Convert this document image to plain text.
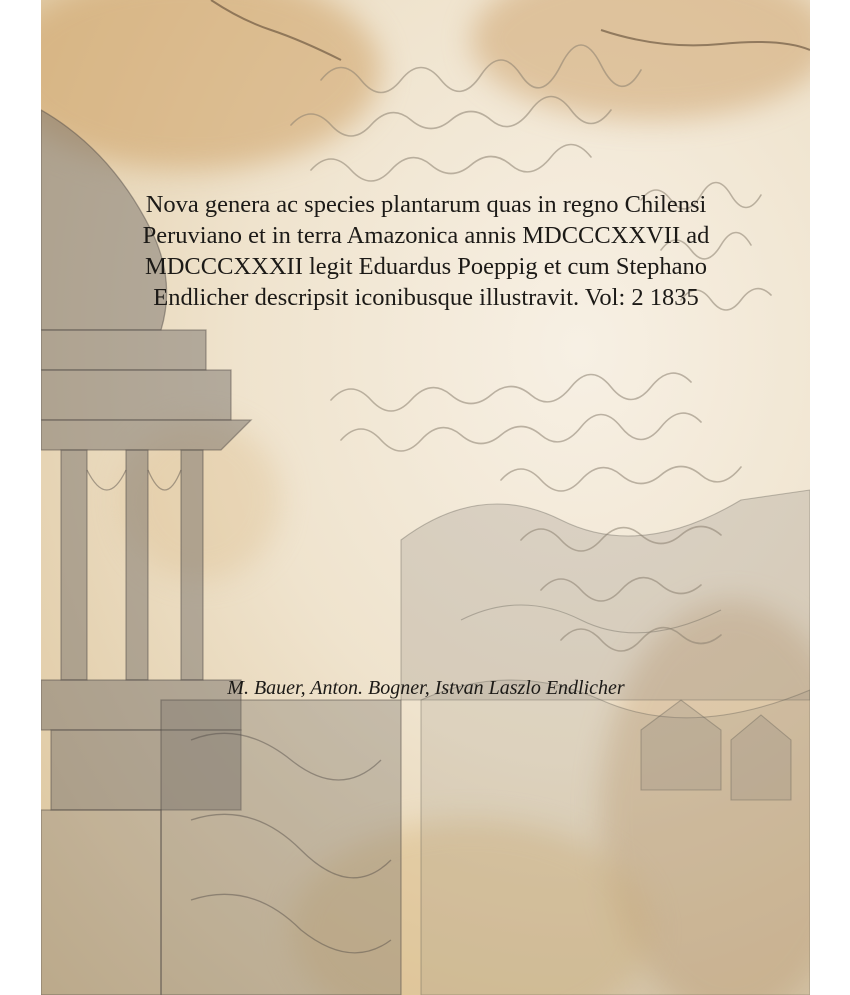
Nova genera ac species plantarum quas in regno Chilensi Peruviano et in terra Amazonica annis MDCCCXXVII ad MDCCCXXXII legit Eduardus Poeppig et cum Stephano Endlicher descripsit iconibusque illustravit. Vol: 2 1835

M. Bauer, Anton. Bogner, Istvan Laszlo Endlicher
